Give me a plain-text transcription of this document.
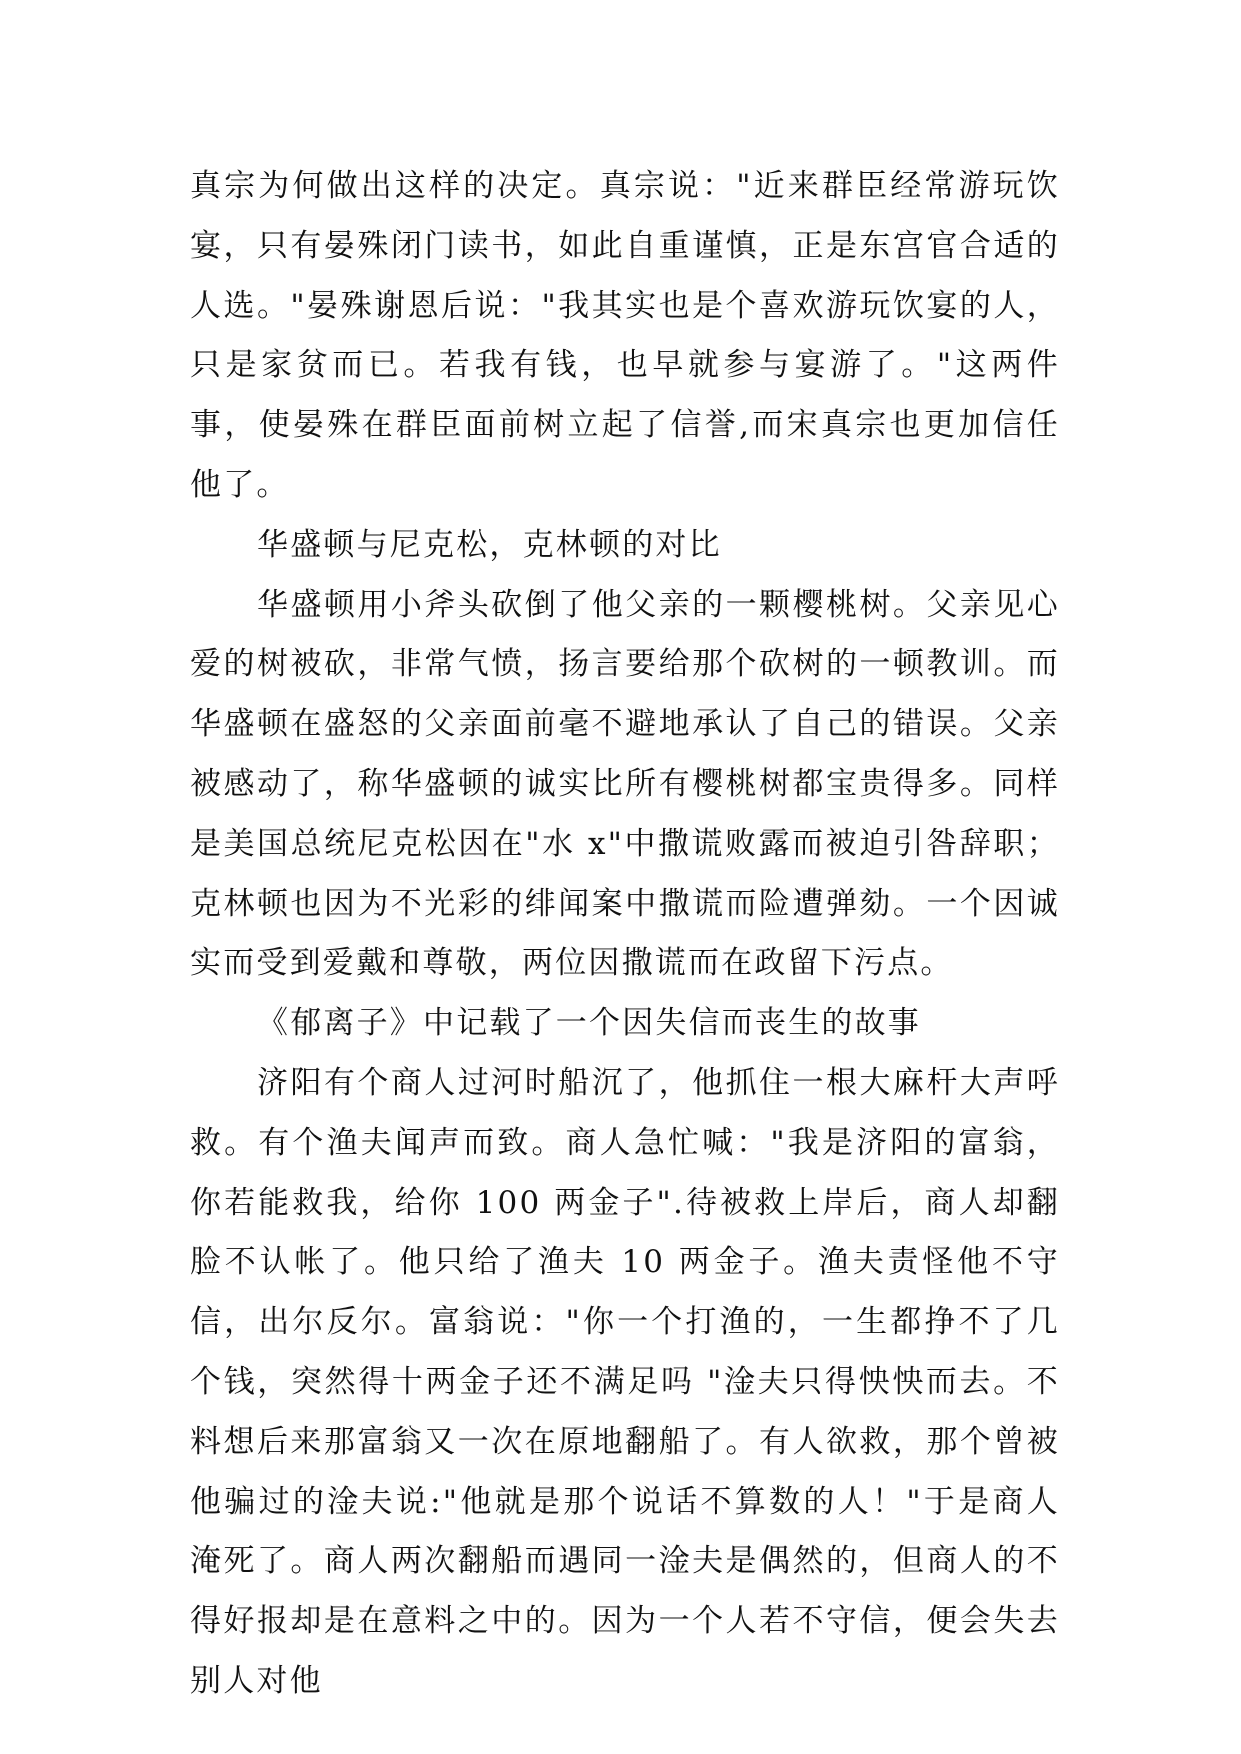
真宗为何做出这样的决定。真宗说："近来群臣经常游玩饮宴，只有晏殊闭门读书，如此自重谨慎，正是东宫官合适的人选。"晏殊谢恩后说："我其实也是个喜欢游玩饮宴的人，只是家贫而已。若我有钱，也早就参与宴游了。"这两件事，使晏殊在群臣面前树立起了信誉,而宋真宗也更加信任他了。

华盛顿与尼克松，克林顿的对比

华盛顿用小斧头砍倒了他父亲的一颗樱桃树。父亲见心爱的树被砍，非常气愤，扬言要给那个砍树的一顿教训。而华盛顿在盛怒的父亲面前毫不避地承认了自己的错误。父亲被感动了，称华盛顿的诚实比所有樱桃树都宝贵得多。同样是美国总统尼克松因在"水 x"中撒谎败露而被迫引咎辞职；克林顿也因为不光彩的绯闻案中撒谎而险遭弹劾。一个因诚实而受到爱戴和尊敬，两位因撒谎而在政留下污点。

《郁离子》中记载了一个因失信而丧生的故事

济阳有个商人过河时船沉了，他抓住一根大麻杆大声呼救。有个渔夫闻声而致。商人急忙喊："我是济阳的富翁，你若能救我，给你 100 两金子".待被救上岸后，商人却翻脸不认帐了。他只给了渔夫 10 两金子。渔夫责怪他不守信，出尔反尔。富翁说："你一个打渔的，一生都挣不了几个钱，突然得十两金子还不满足吗 "淦夫只得怏怏而去。不料想后来那富翁又一次在原地翻船了。有人欲救，那个曾被他骗过的淦夫说:"他就是那个说话不算数的人！"于是商人淹死了。商人两次翻船而遇同一淦夫是偶然的，但商人的不得好报却是在意料之中的。因为一个人若不守信，便会失去别人对他
